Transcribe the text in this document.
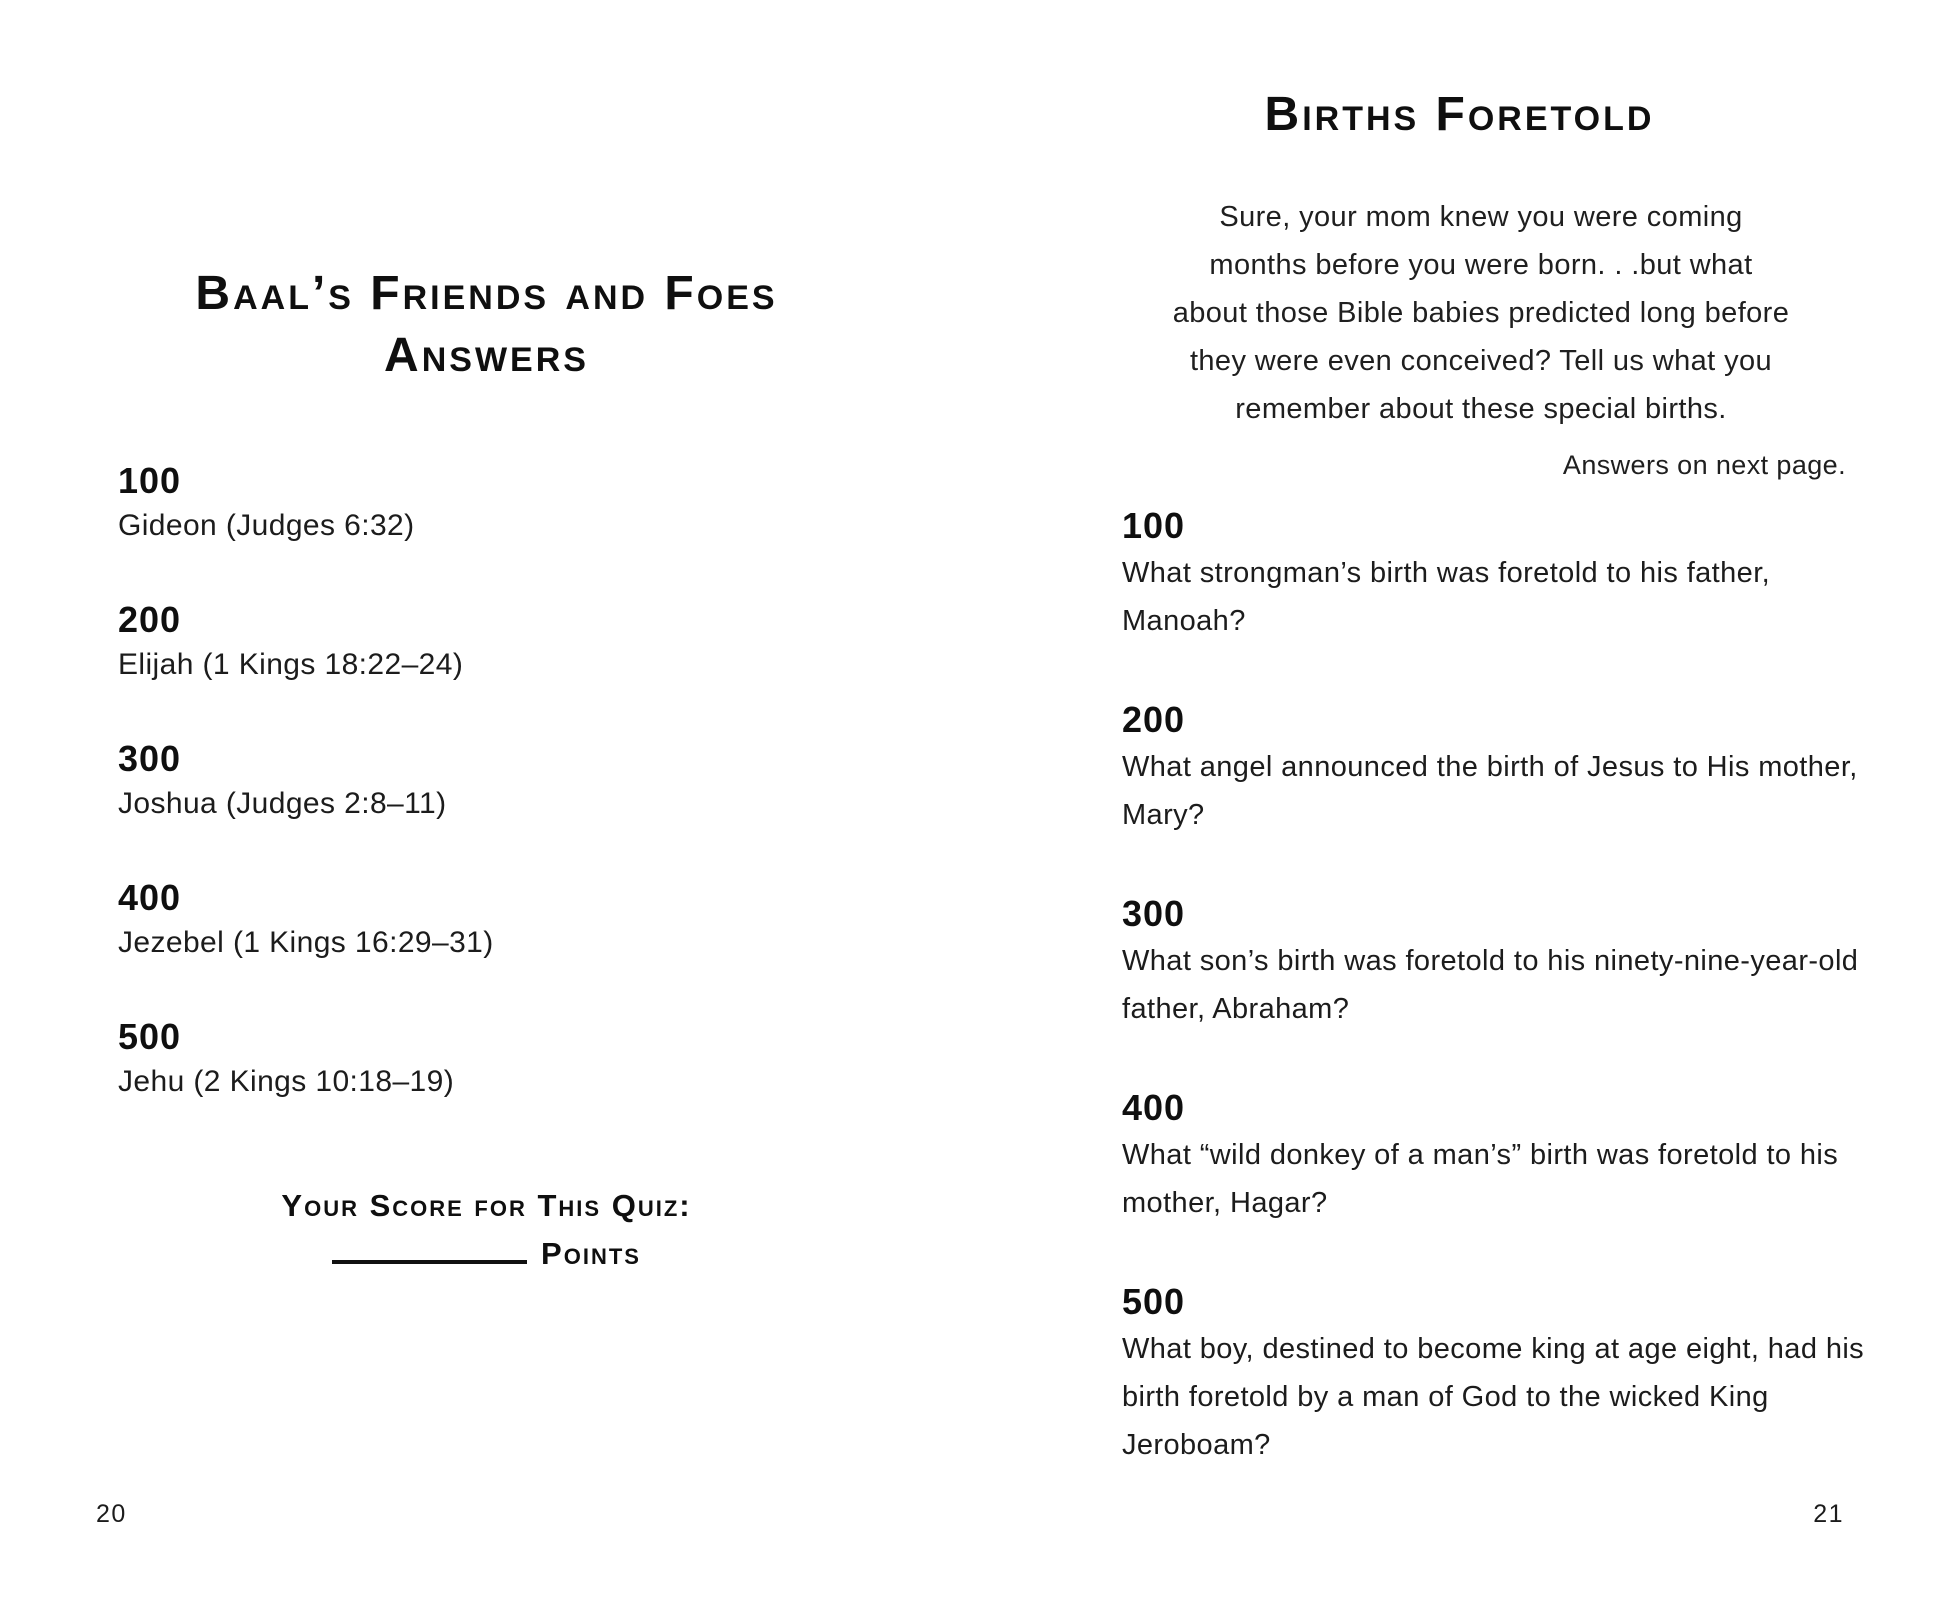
Baal’s Friends and Foes
Answers
100
Gideon (Judges 6:32)
200
Elijah (1 Kings 18:22–24)
300
Joshua (Judges 2:8–11)
400
Jezebel (1 Kings 16:29–31)
500
Jehu (2 Kings 10:18–19)
Your Score for This Quiz:
Points
20
Births Foretold
Sure, your mom knew you were coming
months before you were born. . .but what
about those Bible babies predicted long before
they were even conceived? Tell us what you
remember about these special births.
Answers on next page.
100
What strongman’s birth was foretold to his father, Manoah?
200
What angel announced the birth of Jesus to His mother, Mary?
300
What son’s birth was foretold to his ninety-nine-year-old father, Abraham?
400
What “wild donkey of a man’s” birth was foretold to his mother, Hagar?
500
What boy, destined to become king at age eight, had his birth foretold by a man of God to the wicked King Jeroboam?
21
